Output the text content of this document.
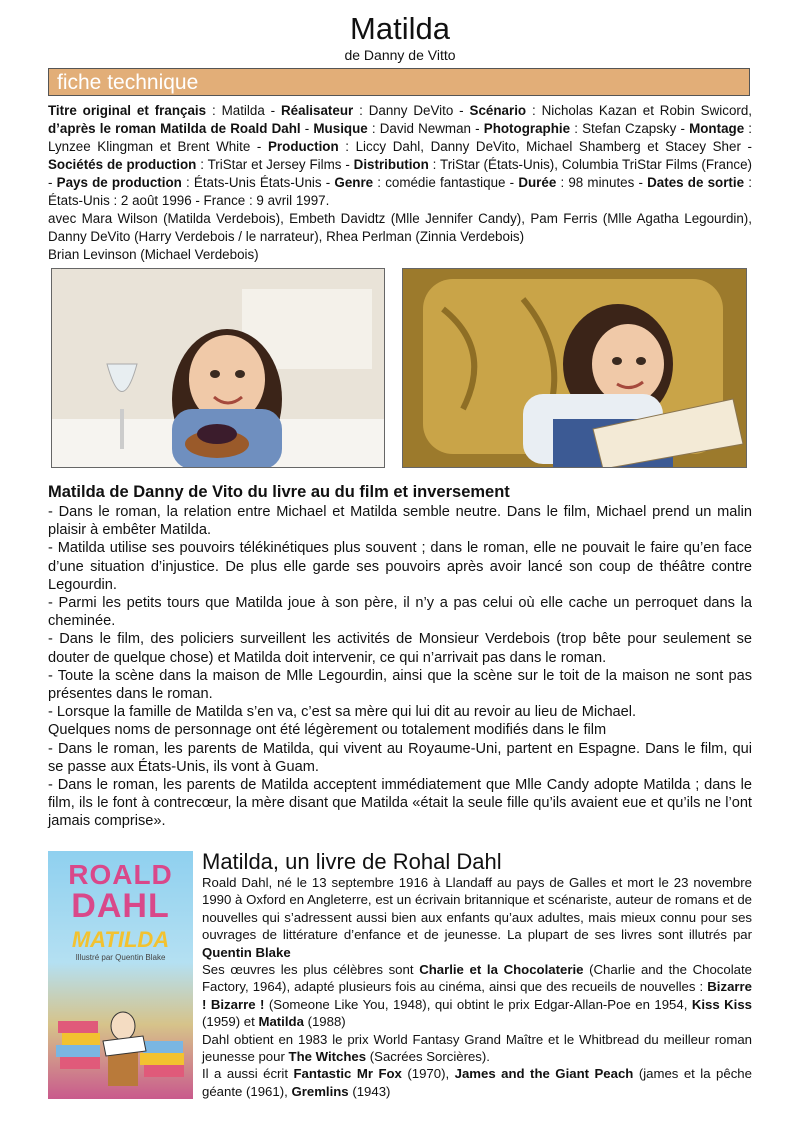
Matilda
de Danny de Vitto
fiche technique
Titre original et français : Matilda - Réalisateur : Danny DeVito - Scénario : Nicholas Kazan et Robin Swicord, d’après le roman Matilda de Roald Dahl - Musique : David Newman - Photographie : Stefan Czapsky - Montage : Lynzee Klingman et Brent White - Production : Liccy Dahl, Danny DeVito, Michael Shamberg et Stacey Sher - Sociétés de production : TriStar et Jersey Films - Distribution : TriStar (États-Unis), Columbia TriStar Films (France) - Pays de production : États-Unis États-Unis - Genre : comédie fantastique - Durée : 98 minutes - Dates de sortie : États-Unis : 2 août 1996 - France : 9 avril 1997.
avec Mara Wilson (Matilda Verdebois), Embeth Davidtz (Mlle Jennifer Candy), Pam Ferris (Mlle Agatha Legourdin), Danny DeVito (Harry Verdebois / le narrateur), Rhea Perlman (Zinnia Verdebois)
Brian Levinson (Michael Verdebois)
Matilda de Danny de Vito du livre au du film et inversement

- Dans le roman, la relation entre Michael et Matilda semble neutre. Dans le film, Michael prend un malin plaisir à embêter Matilda.

- Matilda utilise ses pouvoirs télékinétiques plus souvent ; dans le roman, elle ne pouvait le faire qu’en face d’une situation d’injustice. De plus elle garde ses pouvoirs après avoir lancé son coup de théâtre contre Legourdin.

- Parmi les petits tours que Matilda joue à son père, il n’y a pas celui où elle cache un perroquet dans la cheminée.

- Dans le film, des policiers surveillent les activités de Monsieur Verdebois (trop bête pour seulement se douter de quelque chose) et Matilda doit intervenir, ce qui n’arrivait pas dans le roman.

- Toute la scène dans la maison de Mlle Legourdin, ainsi que la scène sur le toit de la maison ne sont pas présentes dans le roman.

- Lorsque la famille de Matilda s’en va, c’est sa mère qui lui dit au revoir au lieu de Michael.

Quelques noms de personnage ont été légèrement ou totalement modifiés dans le film

- Dans le roman, les parents de Matilda, qui vivent au Royaume-Uni, partent en Espagne. Dans le film, qui se passe aux États-Unis, ils vont à Guam.

- Dans le roman, les parents de Matilda acceptent immédiatement que Mlle Candy adopte Matilda ; dans le film, ils le font à contrecœur, la mère disant que Matilda «était la seule fille qu’ils avaient eue et qu’ils ne l’ont jamais comprise».

ROALD
DAHL
MATILDA
Illustré par Quentin Blake
Matilda, un livre de Rohal Dahl

Roald Dahl, né le 13 septembre 1916 à Llandaff au pays de Galles et mort le 23 novembre 1990 à Oxford en Angleterre, est un écrivain britannique et scénariste, auteur de romans et de nouvelles qui s’adressent aussi bien aux enfants qu’aux adultes, mais mieux connu pour ses ouvrages de littérature d’enfance et de jeunesse. La plupart de ses livres sont illutrés par Quentin Blake

Ses œuvres les plus célèbres sont Charlie et la Chocolaterie (Charlie and the Chocolate Factory, 1964), adapté plusieurs fois au cinéma, ainsi que des recueils de nouvelles : Bizarre ! Bizarre ! (Someone Like You, 1948), qui obtint le prix Edgar-Allan-Poe en 1954, Kiss Kiss (1959) et Matilda (1988)

Dahl obtient en 1983 le prix World Fantasy Grand Maître et le Whitbread du meilleur roman jeunesse pour The Witches (Sacrées Sorcières).

Il a aussi écrit Fantastic Mr Fox (1970), James and the Giant Peach (james et la pêche géante (1961), Gremlins (1943)
